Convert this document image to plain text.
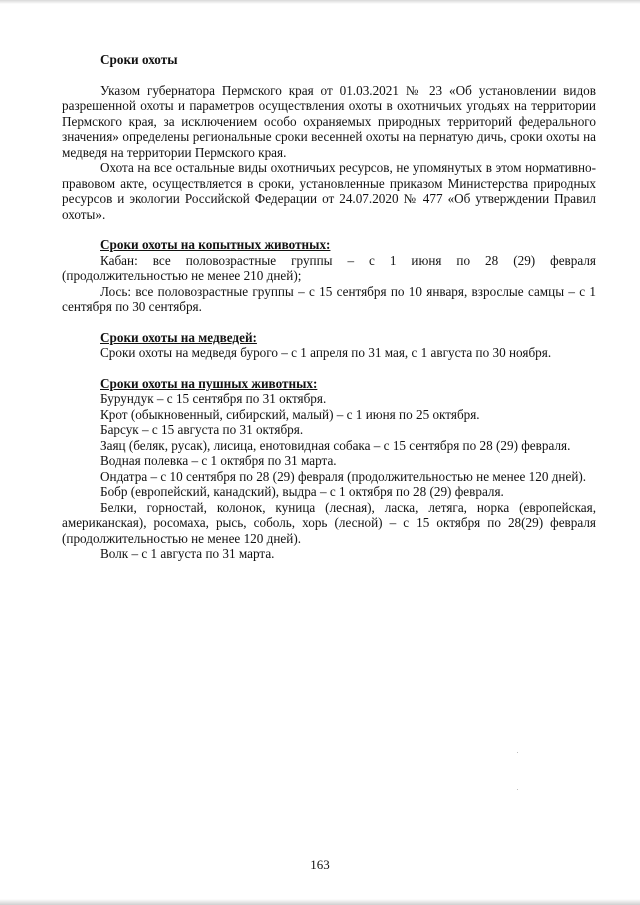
Сроки охоты

Указом губернатора Пермского края от 01.03.2021 № 23 «Об установлении видов разрешенной охоты и параметров осуществления охоты в охотничьих угодьях на территории Пермского края, за исключением особо охраняемых природных территорий федерального значения» определены региональные сроки весенней охоты на пернатую дичь, сроки охоты на медведя на территории Пермского края.

Охота на все остальные виды охотничьих ресурсов, не упомянутых в этом нормативно-правовом акте, осуществляется в сроки, установленные приказом Министерства природных ресурсов и экологии Российской Федерации от 24.07.2020 № 477 «Об утверждении Правил охоты».

Сроки охоты на копытных животных:

Кабан: все половозрастные группы – с 1 июня по 28 (29) февраля (продолжительностью не менее 210 дней);

Лось: все половозрастные группы – с 15 сентября по 10 января, взрослые самцы – с 1 сентября по 30 сентября.

Сроки охоты на медведей:

Сроки охоты на медведя бурого – с 1 апреля по 31 мая, с 1 августа по 30 ноября.

Сроки охоты на пушных животных:

Бурундук – с 15 сентября по 31 октября.

Крот (обыкновенный, сибирский, малый) – с 1 июня по 25 октября.

Барсук – с 15 августа по 31 октября.

Заяц (беляк, русак), лисица, енотовидная собака – с 15 сентября по 28 (29) февраля.

Водная полевка – с 1 октября по 31 марта.

Ондатра – с 10 сентября по 28 (29) февраля (продолжительностью не менее 120 дней).

Бобр (европейский, канадский), выдра – с 1 октября по 28 (29) февраля.

Белки, горностай, колонок, куница (лесная), ласка, летяга, норка (европейская, американская), росомаха, рысь, соболь, хорь (лесной) – с 15 октября по 28(29) февраля (продолжительностью не менее 120 дней).

Волк – с 1 августа по 31 марта.

163
